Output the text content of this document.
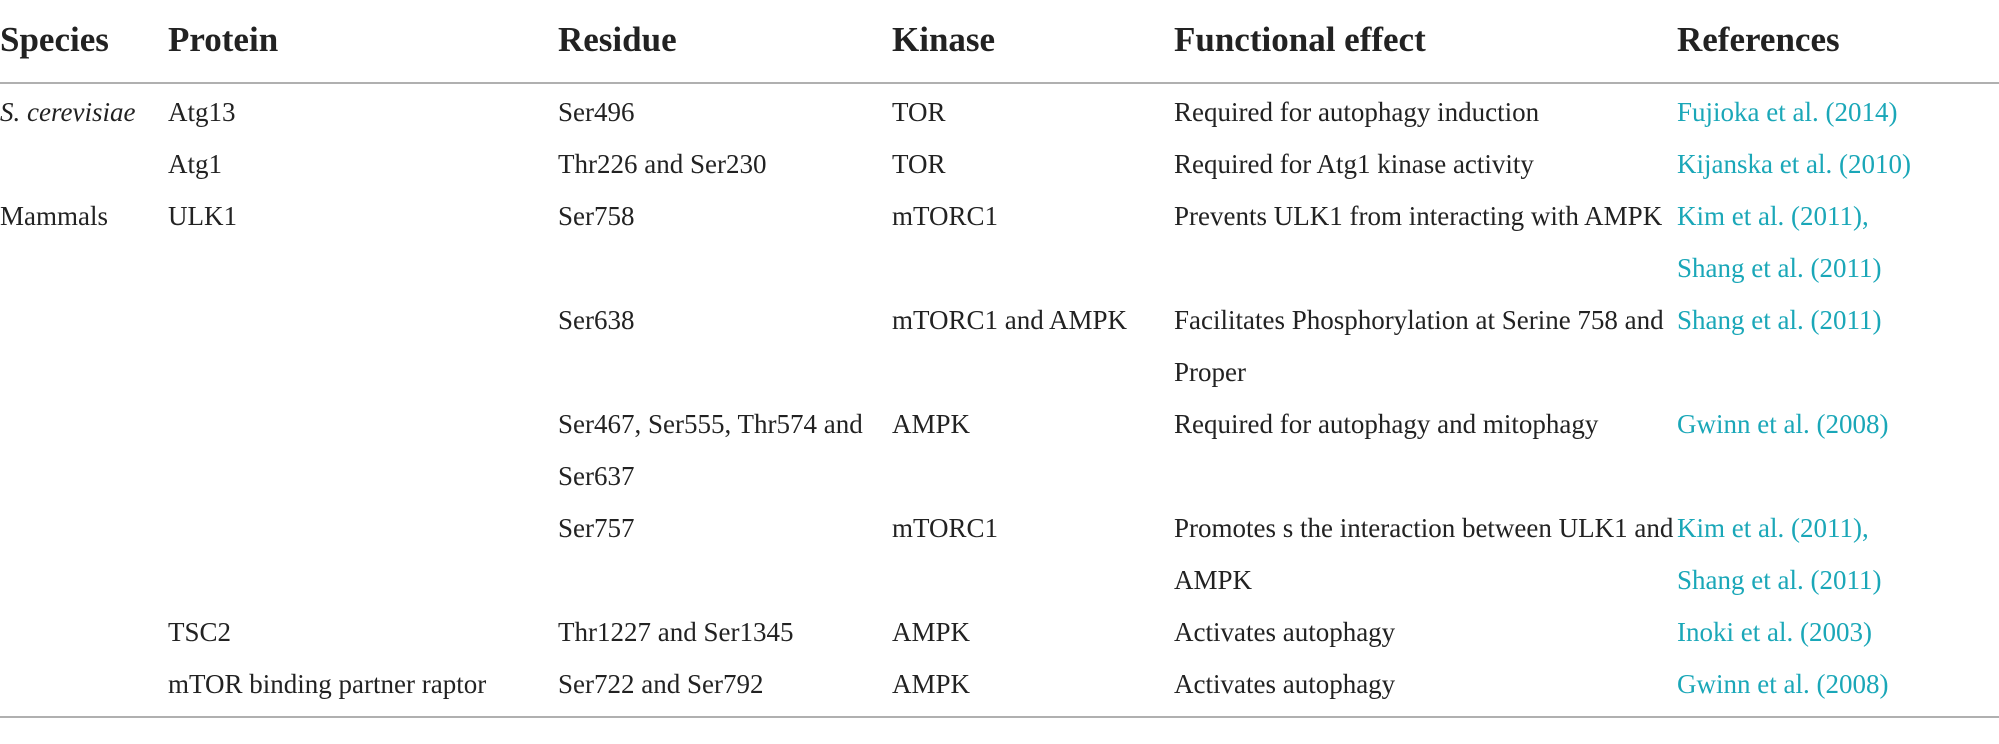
Species	Protein	Residue	Kinase	Functional effect	References
S. cerevisiae	Atg13	Ser496	TOR	Required for autophagy induction	Fujioka et al. (2014)

	Atg1	Thr226 and Ser230	TOR	Required for Atg1 kinase activity	Kijanska et al. (2010)

Mammals	ULK1	Ser758	mTORC1	Prevents ULK1 from interacting with AMPK	Kim et al. (2011),
Shang et al. (2011)

		Ser638	mTORC1 and AMPK	Facilitates Phosphorylation at Serine 758 and Proper	Shang et al. (2011)

		Ser467, Ser555, Thr574 and Ser637	AMPK	Required for autophagy and mitophagy	Gwinn et al. (2008)

		Ser757	mTORC1	Promotes s the interaction between ULK1 and AMPK	Kim et al. (2011),
Shang et al. (2011)

	TSC2	Thr1227 and Ser1345	AMPK	Activates autophagy	Inoki et al. (2003)

	mTOR binding partner raptor	Ser722 and Ser792	AMPK	Activates autophagy	Gwinn et al. (2008)
